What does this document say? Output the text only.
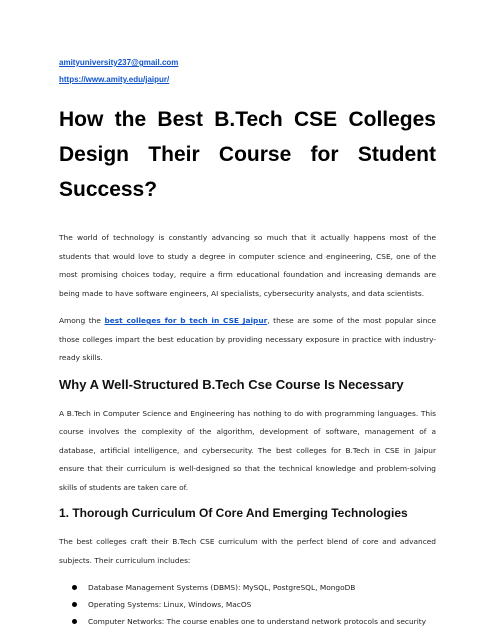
amityuniversity237@gmail.com
https://www.amity.edu/jaipur/
How the Best B.Tech CSE Colleges Design Their Course for Student Success?

The world of technology is constantly advancing so much that it actually happens most of the students that would love to study a degree in computer science and engineering, CSE, one of the most promising choices today, require a firm educational foundation and increasing demands are being made to have software engineers, AI specialists, cybersecurity analysts, and data scientists.

Among the best colleges for b tech in CSE Jaipur, these are some of the most popular since those colleges impart the best education by providing necessary exposure in practice with industry-ready skills.

Why A Well-Structured B.Tech Cse Course Is Necessary

A B.Tech in Computer Science and Engineering has nothing to do with programming languages. This course involves the complexity of the algorithm, development of software, management of a database, artificial intelligence, and cybersecurity. The best colleges for B.Tech in CSE in Jaipur ensure that their curriculum is well-designed so that the technical knowledge and problem-solving skills of students are taken care of.

1. Thorough Curriculum Of Core And Emerging Technologies

The best colleges craft their B.Tech CSE curriculum with the perfect blend of core and advanced subjects. Their curriculum includes:

Database Management Systems (DBMS): MySQL, PostgreSQL, MongoDB
Operating Systems: Linux, Windows, MacOS
Computer Networks: The course enables one to understand network protocols and security
